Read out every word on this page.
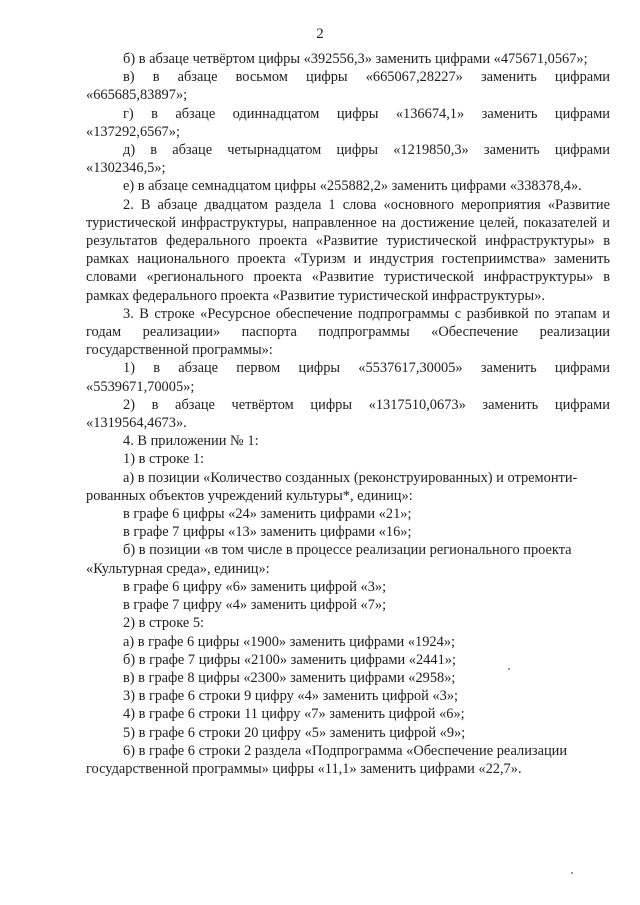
2

б) в абзаце четвёртом цифры «392556,3» заменить цифрами «475671,0567»;

в) в абзаце восьмом цифры «665067,28227» заменить цифрами «665685,83897»;

г) в абзаце одиннадцатом цифры «136674,1» заменить цифрами «137292,6567»;

д) в абзаце четырнадцатом цифры «1219850,3» заменить цифрами «1302346,5»;

е) в абзаце семнадцатом цифры «255882,2» заменить цифрами «338378,4».

2. В абзаце двадцатом раздела 1 слова «основного мероприятия «Развитие туристической инфраструктуры, направленное на достижение целей, показателей и результатов федерального проекта «Развитие туристической инфраструктуры» в рамках национального проекта «Туризм и индустрия гостеприимства» заменить словами «регионального проекта «Развитие туристической инфраструктуры» в рамках федерального проекта «Развитие туристической инфраструктуры».

3. В строке «Ресурсное обеспечение подпрограммы с разбивкой по этапам и годам реализации» паспорта подпрограммы «Обеспечение реализации государственной программы»:

1) в абзаце первом цифры «5537617,30005» заменить цифрами «5539671,70005»;

2) в абзаце четвёртом цифры «1317510,0673» заменить цифрами «1319564,4673».

4. В приложении № 1:

1) в строке 1:

а) в позиции «Количество созданных (реконструированных) и отремонти-рованных объектов учреждений культуры*, единиц»:

в графе 6 цифры «24» заменить цифрами «21»;

в графе 7 цифры «13» заменить цифрами «16»;

б) в позиции «в том числе в процессе реализации регионального проекта «Культурная среда», единиц»:

в графе 6 цифру «6» заменить цифрой «3»;

в графе 7 цифру «4» заменить цифрой «7»;

2) в строке 5:

а) в графе 6 цифры «1900» заменить цифрами «1924»;

б) в графе 7 цифры «2100» заменить цифрами «2441»;

в) в графе 8 цифры «2300» заменить цифрами «2958»;

3) в графе 6 строки 9 цифру «4» заменить цифрой «3»;

4) в графе 6 строки 11 цифру «7» заменить цифрой «6»;

5) в графе 6 строки 20 цифру «5» заменить цифрой «9»;

6) в графе 6 строки 2 раздела «Подпрограмма «Обеспечение реализации государственной программы» цифры «11,1» заменить цифрами «22,7».
